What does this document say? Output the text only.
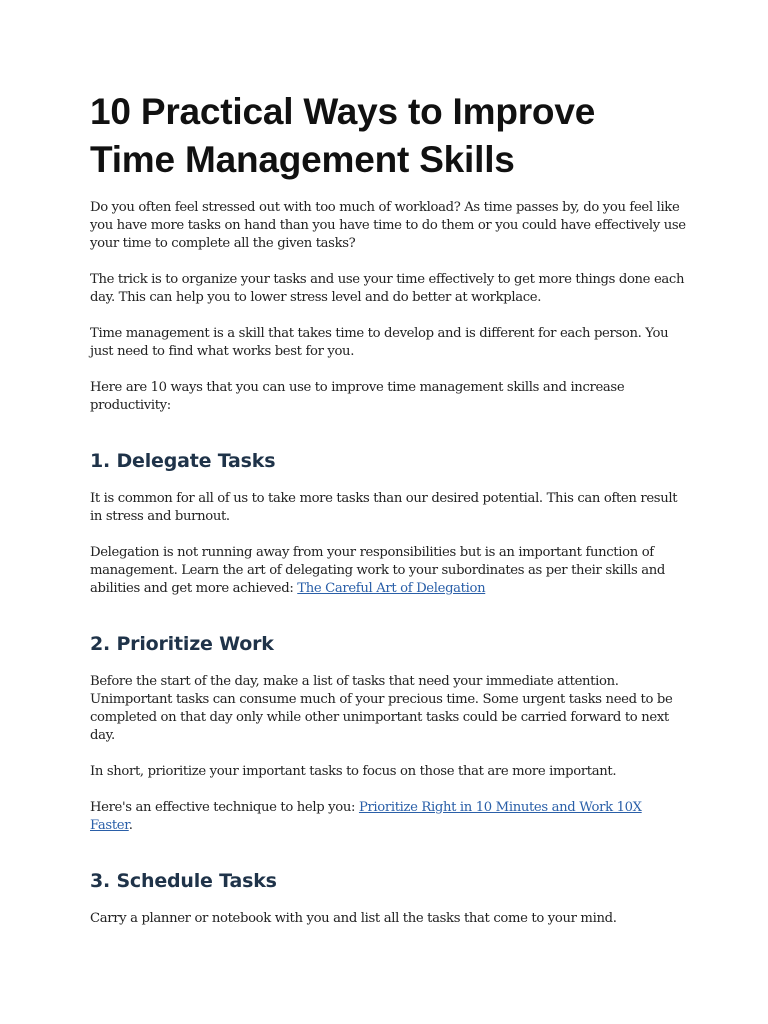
10 Practical Ways to Improve Time Management Skills

Do you often feel stressed out with too much of workload? As time passes by, do you feel like you have more tasks on hand than you have time to do them or you could have effectively use your time to complete all the given tasks?

The trick is to organize your tasks and use your time effectively to get more things done each day. This can help you to lower stress level and do better at workplace.

Time management is a skill that takes time to develop and is different for each person. You just need to find what works best for you.

Here are 10 ways that you can use to improve time management skills and increase productivity:

1. Delegate Tasks

It is common for all of us to take more tasks than our desired potential. This can often result in stress and burnout.

Delegation is not running away from your responsibilities but is an important function of management. Learn the art of delegating work to your subordinates as per their skills and abilities and get more achieved: The Careful Art of Delegation

2. Prioritize Work

Before the start of the day, make a list of tasks that need your immediate attention. Unimportant tasks can consume much of your precious time. Some urgent tasks need to be completed on that day only while other unimportant tasks could be carried forward to next day.

In short, prioritize your important tasks to focus on those that are more important.

Here's an effective technique to help you: Prioritize Right in 10 Minutes and Work 10X Faster.

3. Schedule Tasks

Carry a planner or notebook with you and list all the tasks that come to your mind.
